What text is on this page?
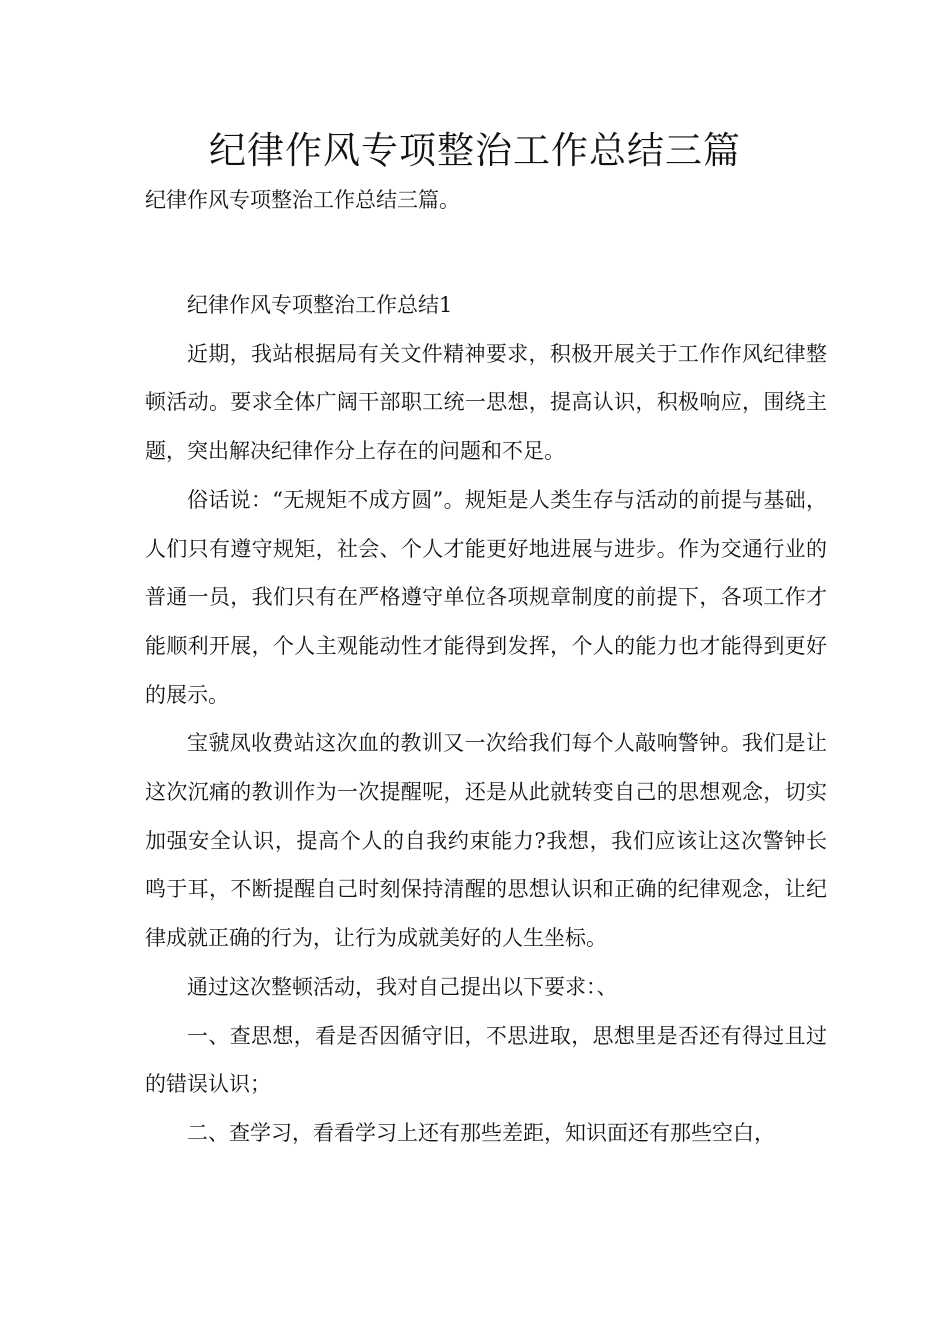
纪律作风专项整治工作总结三篇

纪律作风专项整治工作总结三篇。

纪律作风专项整治工作总结1

近期，我站根据局有关文件精神要求，积极开展关于工作作风纪律整顿活动。要求全体广阔干部职工统一思想，提高认识，积极响应，围绕主题，突出解决纪律作分上存在的问题和不足。

俗话说：“无规矩不成方圆”。规矩是人类生存与活动的前提与基础，人们只有遵守规矩，社会、个人才能更好地进展与进步。作为交通行业的普通一员，我们只有在严格遵守单位各项规章制度的前提下，各项工作才能顺利开展，个人主观能动性才能得到发挥，个人的能力也才能得到更好的展示。

宝虢凤收费站这次血的教训又一次给我们每个人敲响警钟。我们是让这次沉痛的教训作为一次提醒呢，还是从此就转变自己的思想观念，切实加强安全认识，提高个人的自我约束能力?我想，我们应该让这次警钟长鸣于耳，不断提醒自己时刻保持清醒的思想认识和正确的纪律观念，让纪律成就正确的行为，让行为成就美好的人生坐标。

通过这次整顿活动，我对自己提出以下要求：、

一、查思想，看是否因循守旧，不思进取，思想里是否还有得过且过的错误认识；

二、查学习，看看学习上还有那些差距，知识面还有那些空白，
